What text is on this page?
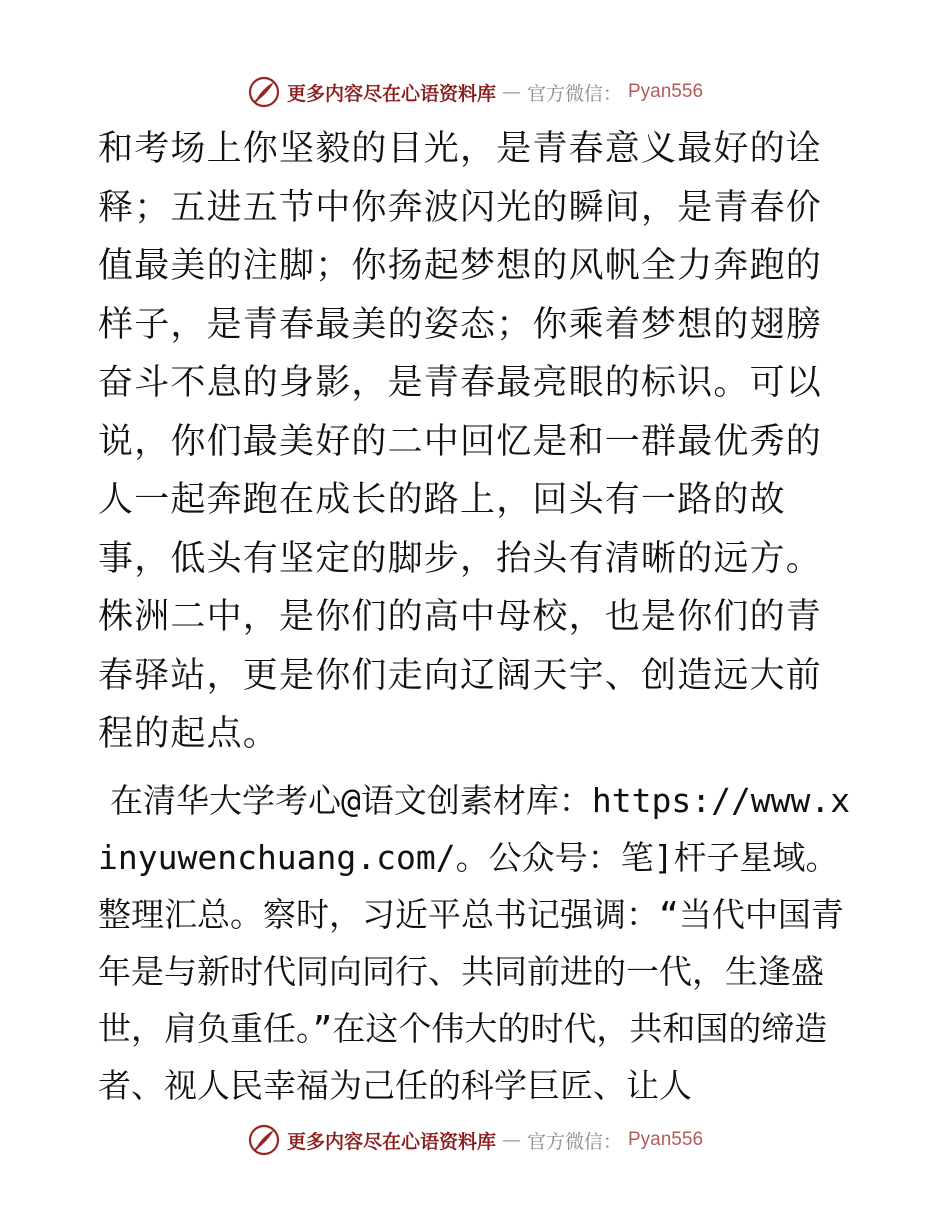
更多内容尽在心语资料库 — 官方微信： Pyan556

和考场上你坚毅的目光，是青春意义最好的诠释；五进五节中你奔波闪光的瞬间，是青春价值最美的注脚；你扬起梦想的风帆全力奔跑的样子，是青春最美的姿态；你乘着梦想的翅膀奋斗不息的身影，是青春最亮眼的标识。可以说，你们最美好的二中回忆是和一群最优秀的人一起奔跑在成长的路上，回头有一路的故事，低头有坚定的脚步，抬头有清晰的远方。株洲二中，是你们的高中母校，也是你们的青春驿站，更是你们走向辽阔天宇、创造远大前程的起点。

在清华大学考心@语文创素材库：https://www.xinyuwenchuang.com/。公众号：笔]杆子星域。整理汇总。察时，习近平总书记强调：“当代中国青年是与新时代同向同行、共同前进的一代，生逢盛世，肩负重任。”在这个伟大的时代，共和国的缔造者、视人民幸福为己任的科学巨匠、让人

更多内容尽在心语资料库 — 官方微信： Pyan556
